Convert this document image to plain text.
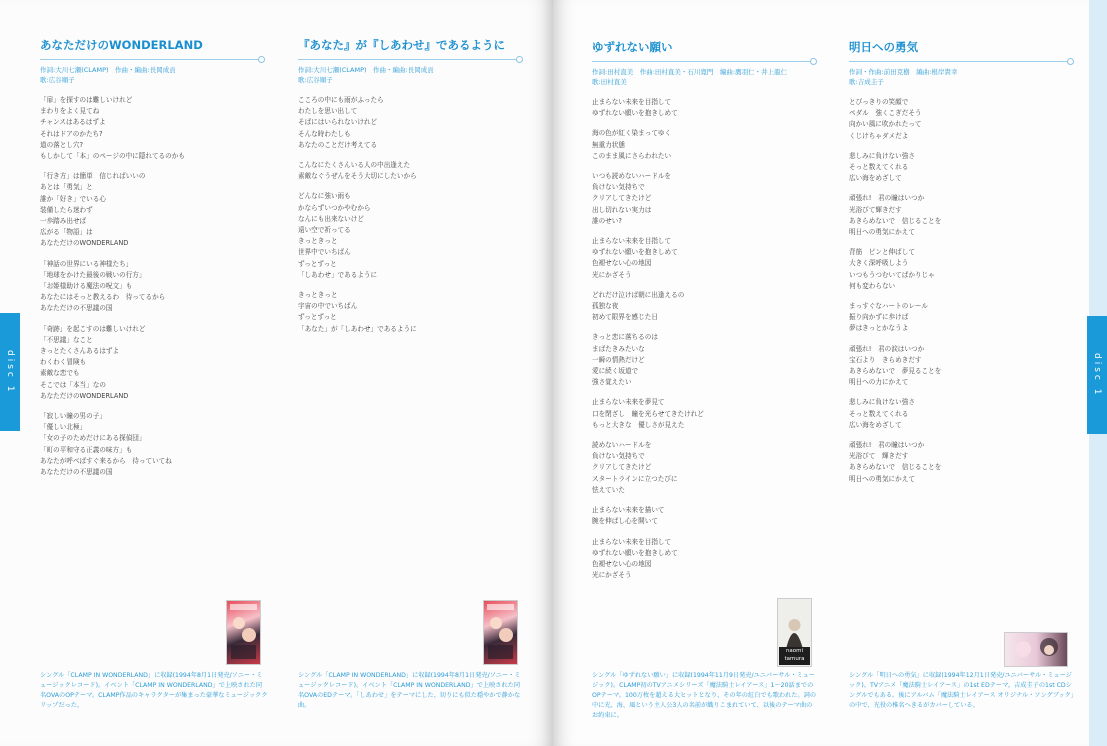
disc 1	disc 1
あなただけのWONDERLAND
作詞:大川七瀬(CLAMP)　作曲・編曲:長岡成貢
歌:広谷順子
「扉」を探すのは難しいけれど
まわりをよく見てね
チャンスはあるはずよ
それはドアのかたち?
道の落とし穴?
もしかして「本」のページの中に隠れてるのかも
「行き方」は簡単　信じればいいの
あとは「勇気」と
誰か「好き」でいる心
装備したら迷わず
一歩踏み出せば
広がる「物語」は
あなただけのWONDERLAND
「神話の世界にいる神様たち」
「地球をかけた最後の戦いの行方」
「お姫様助ける魔法の呪文」も
あなたにはそっと教えるわ　待ってるから
あなただけの不思議の国
「奇跡」を起こすのは難しいけれど
「不思議」なこと
きっとたくさんあるはずよ
わくわく冒険も
素敵な恋でも
そこでは「本当」なの
あなただけのWONDERLAND
「寂しい瞳の男の子」
「優しい北極」
「女の子のためだけにある探偵団」
「町の平和守る正義の味方」も
あなたが呼べばすぐ来るから　待っていてね
あなただけの不思議の国
『あなた』が『しあわせ』であるように
作詞:大川七瀬(CLAMP)　作曲・編曲:長岡成貢
歌:広谷順子
こころの中にも雨がふったら
わたしを思い出して
そばにはいられないけれど
そんな時わたしも
あなたのことだけ考えてる
こんなにたくさんいる人の中出逢えた
素敵なぐうぜんをそう大切にしたいから
どんなに強い雨も
かならずいつかやむから
なんにも出来ないけど
遠い空で祈ってる
きっときっと
世界中でいちばん
ずっとずっと
「しあわせ」であるように
きっときっと
宇宙の中でいちばん
ずっとずっと
「あなた」が「しあわせ」であるように
ゆずれない願い
作詞:田村直美　作曲:田村直美・石川寛門　編曲:鷹羽仁・井上龍仁
歌:田村直美
止まらない未来を目指して
ゆずれない願いを抱きしめて
海の色が紅く染まってゆく
無重力状態
このまま風にさらわれたい
いつも読めないハードルを
負けない気持ちで
クリアしてきたけど
出し切れない実力は
誰のせい?
止まらない未来を目指して
ゆずれない願いを抱きしめて
色褪せない心の地図
光にかざそう
どれだけ泣けば朝に出逢えるの
孤独な夜
初めて限界を感じた日
きっと恋に落ちるのは
まばたきみたいな
一瞬の情熱だけど
愛に続く坂道で
強さ覚えたい
止まらない未来を夢見て
口を閉ざし　瞳を光らせてきたけれど
もっと大きな　優しさが見えた
読めないハードルを
負けない気持ちで
クリアしてきたけど
スタートラインに立つたびに
怯えていた
止まらない未来を描いて
腕を伸ばし心を開いて
止まらない未来を目指して
ゆずれない願いを抱きしめて
色褪せない心の地図
光にかざそう
明日への勇気
作詞・作曲:前田克樹　編曲:根岸貴幸
歌:吉成圭子
とびっきりの笑顔で
ペダル　強くこぎだそう
向かい風に吹かれたって
くじけちゃダメだよ
悲しみに負けない強さ
そっと数えてくれる
広い海をめざして
頑張れ!　君の瞳はいつか
光浴びて輝きだす
あきらめないで　信じることを
明日への勇気にかえて
背筋　ピンと伸ばして
大きく深呼吸しよう
いつもうつむいてばかりじゃ
何も変わらない
まっすぐなハートのレール
振り向かずに歩けば
夢はきっとかなうよ
頑張れ!　君の涙はいつか
宝石より　きらめきだす
あきらめないで　夢見ることを
明日への力にかえて
悲しみに負けない強さ
そっと数えてくれる
広い海をめざして
頑張れ!　君の瞳はいつか
光浴びて　輝きだす
あきらめないで　信じることを
明日への勇気にかえて
naomi tamura
シングル「CLAMP IN WONDERLAND」に収録(1994年8月1日発売/ソニー・ミュージックレコード)。イベント「CLAMP IN WONDERLAND」で上映された同名OVAのOPテーマ。CLAMP作品のキャラクターが集まった豪華なミュージッククリップだった。
シングル「CLAMP IN WONDERLAND」に収録(1994年8月1日発売/ソニー・ミュージックレコード)。イベント「CLAMP IN WONDERLAND」で上映された同名OVAのEDテーマ。「しあわせ」をテーマにした、切りにも似た穏やかで静かな曲。
シングル「ゆずれない願い」に収録(1994年11月9日発売/ユニバーサル・ミュージック)。CLAMP初のTVアニメシリーズ「魔法騎士レイアース」1〜20話までのOPテーマ。100万枚を超える大ヒットとなり、その年の紅白でも歌われた。詞の中に光、海、風という主人公3人の名前が織りこまれていて、以後のテーマ曲のお約束に。
シングル「明日への勇気」に収録(1994年12月1日発売/ユニバーサル・ミュージック)。TVアニメ「魔法騎士レイアース」の1st EDテーマ。吉成圭子の1st CDシングルでもある。後にアルバム「魔法騎士レイアース オリジナル・ソングブック」の中で、光役の椎名へきるがカバーしている。
